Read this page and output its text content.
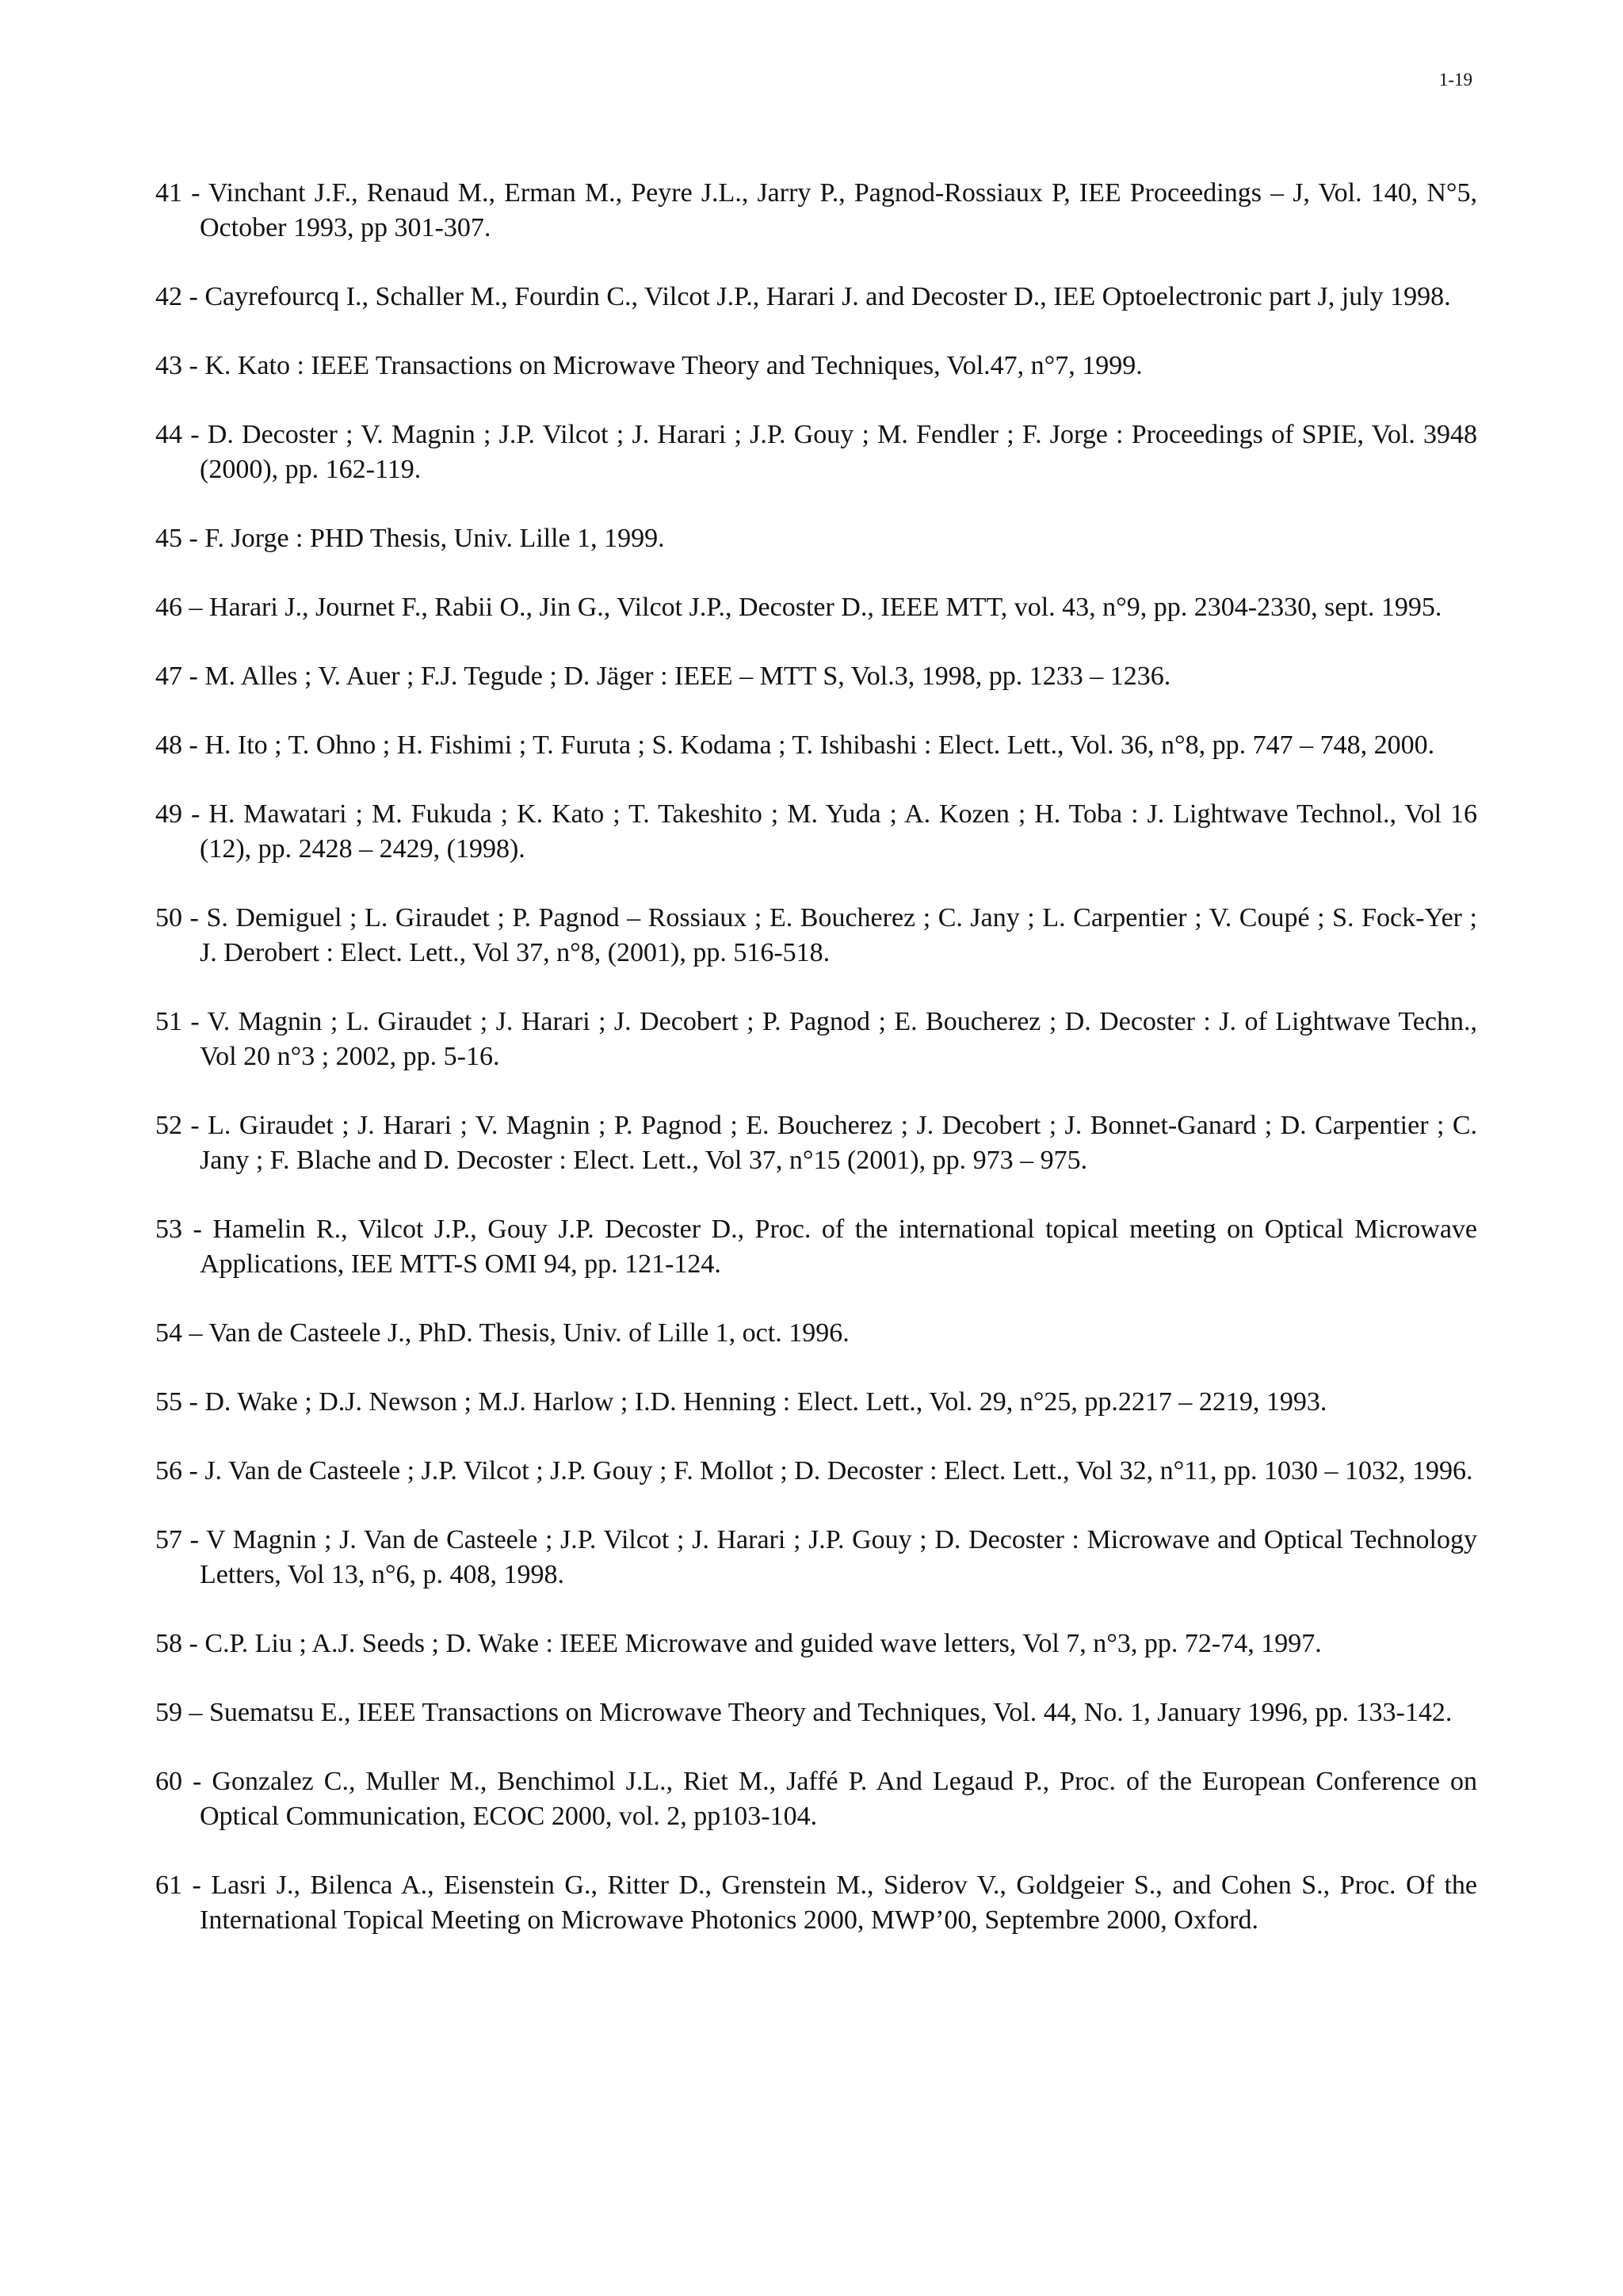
1-19
41 - Vinchant J.F., Renaud M., Erman M., Peyre J.L., Jarry P., Pagnod-Rossiaux P, IEE Proceedings – J, Vol. 140, N°5, October 1993, pp 301-307.
42 - Cayrefourcq I., Schaller M., Fourdin C., Vilcot J.P., Harari J. and Decoster D., IEE Optoelectronic part J, july 1998.
43 - K. Kato : IEEE Transactions on Microwave Theory and Techniques, Vol.47, n°7, 1999.
44 - D. Decoster ; V. Magnin ; J.P. Vilcot ; J. Harari ; J.P. Gouy ; M. Fendler ; F. Jorge : Proceedings of SPIE, Vol. 3948 (2000), pp. 162-119.
45 - F. Jorge : PHD Thesis, Univ. Lille 1, 1999.
46 – Harari J., Journet F., Rabii O., Jin G., Vilcot J.P., Decoster D., IEEE MTT, vol. 43, n°9, pp. 2304-2330, sept. 1995.
47 - M. Alles ; V. Auer ; F.J. Tegude ; D. Jäger : IEEE – MTT S, Vol.3, 1998, pp. 1233 – 1236.
48 - H. Ito ; T. Ohno ; H. Fishimi ; T. Furuta ; S. Kodama ; T. Ishibashi : Elect. Lett., Vol. 36, n°8, pp. 747 – 748, 2000.
49 - H. Mawatari ; M. Fukuda ; K. Kato ; T. Takeshito ; M. Yuda ; A. Kozen ; H. Toba : J. Lightwave Technol., Vol 16 (12), pp. 2428 – 2429, (1998).
50 - S. Demiguel ; L. Giraudet ; P. Pagnod – Rossiaux ; E. Boucherez ; C. Jany ; L. Carpentier ; V. Coupé ; S. Fock-Yer ; J. Derobert : Elect. Lett., Vol 37, n°8, (2001), pp. 516-518.
51 - V. Magnin ; L. Giraudet ; J. Harari ; J. Decobert ; P. Pagnod ; E. Boucherez ; D. Decoster : J. of Lightwave Techn., Vol 20 n°3 ; 2002, pp. 5-16.
52 - L. Giraudet ; J. Harari ; V. Magnin ; P. Pagnod ; E. Boucherez ; J. Decobert ; J. Bonnet-Ganard ; D. Carpentier ; C. Jany ; F. Blache and D. Decoster : Elect. Lett., Vol 37, n°15 (2001), pp. 973 – 975.
53 - Hamelin R., Vilcot J.P., Gouy J.P. Decoster D., Proc. of the international topical meeting on Optical Microwave Applications, IEE MTT-S OMI 94, pp. 121-124.
54 – Van de Casteele J., PhD. Thesis, Univ. of Lille 1, oct. 1996.
55 - D. Wake ; D.J. Newson ; M.J. Harlow ; I.D. Henning : Elect. Lett., Vol. 29, n°25, pp.2217 – 2219, 1993.
56 - J. Van de Casteele ; J.P. Vilcot ; J.P. Gouy ; F. Mollot ; D. Decoster : Elect. Lett., Vol 32, n°11, pp. 1030 – 1032, 1996.
57 - V Magnin ; J. Van de Casteele ; J.P. Vilcot ; J. Harari ; J.P. Gouy ; D. Decoster : Microwave and Optical Technology Letters, Vol 13, n°6, p. 408, 1998.
58 - C.P. Liu ; A.J. Seeds ; D. Wake : IEEE Microwave and guided wave letters, Vol 7, n°3, pp. 72-74, 1997.
59 – Suematsu E., IEEE Transactions on Microwave Theory and Techniques, Vol. 44, No. 1, January 1996, pp. 133-142.
60 - Gonzalez C., Muller M., Benchimol J.L., Riet M., Jaffé P. And Legaud P., Proc. of the European Conference on Optical Communication, ECOC 2000, vol. 2, pp103-104.
61 - Lasri J., Bilenca A., Eisenstein G., Ritter D., Grenstein M., Siderov V., Goldgeier S., and Cohen S., Proc. Of the International Topical Meeting on Microwave Photonics 2000, MWP’00, Septembre 2000, Oxford.
